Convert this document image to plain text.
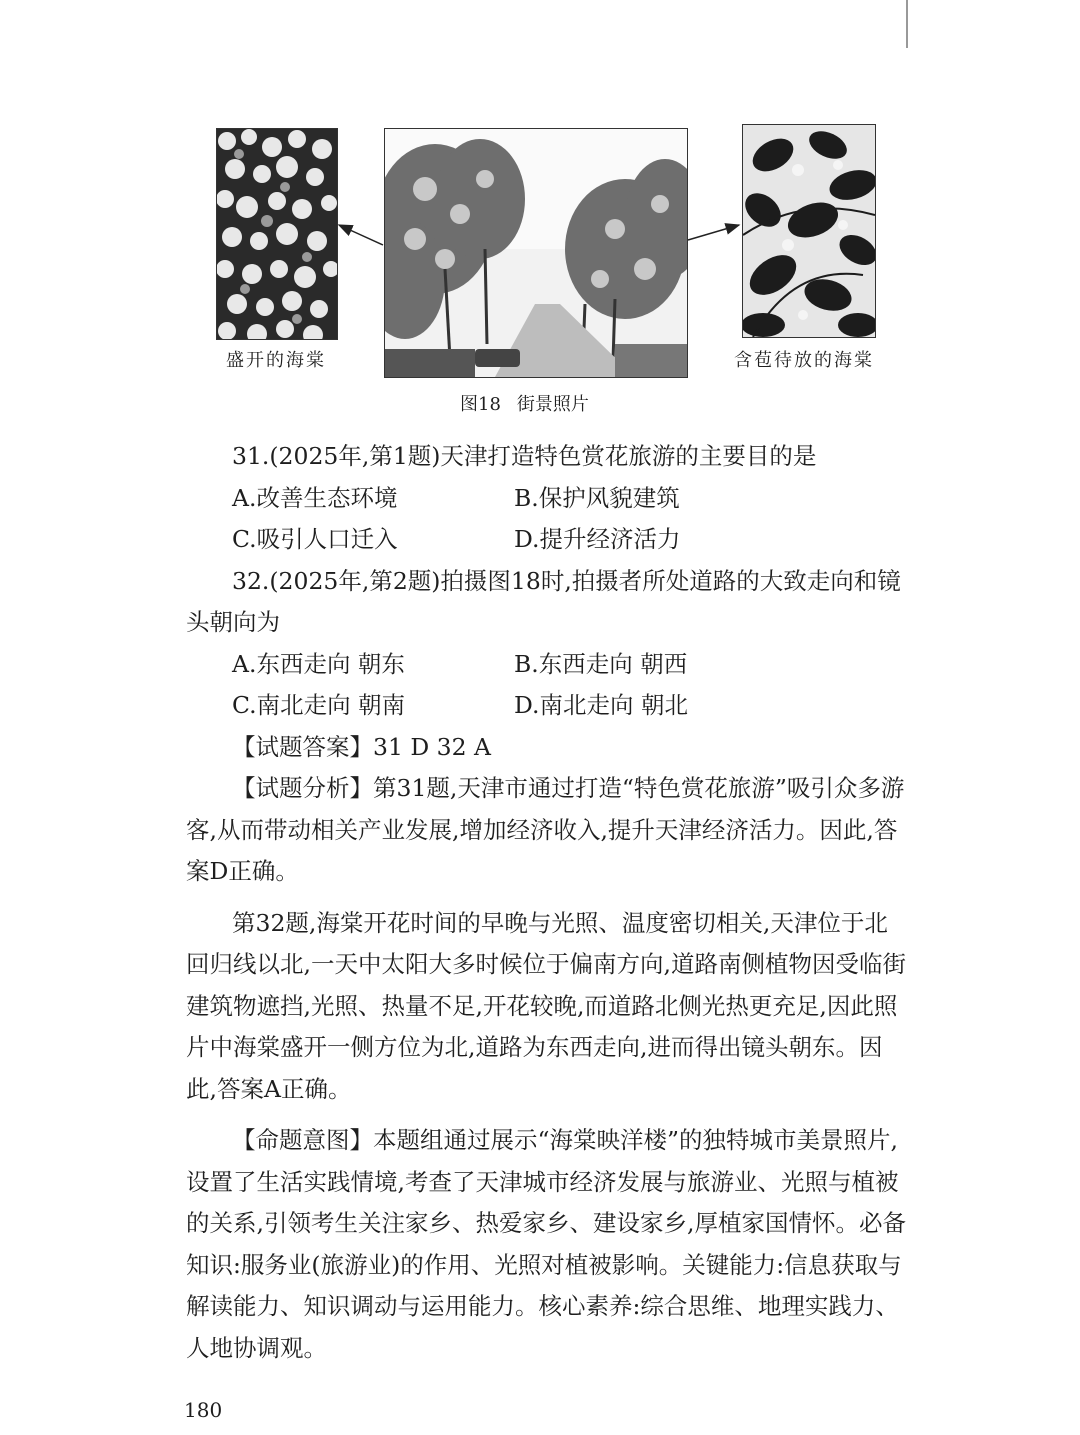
盛开的海棠	含苞待放的海棠
图18 街景照片

31.(2025年,第1题)天津打造特色赏花旅游的主要目的是

A.改善生态环境	B.保护风貌建筑
C.吸引人口迁入	D.提升经济活力

32.(2025年,第2题)拍摄图18时,拍摄者所处道路的大致走向和镜头朝向为

A.东西走向 朝东	B.东西走向 朝西
C.南北走向 朝南	D.南北走向 朝北

【试题答案】31 D 32 A

【试题分析】第31题,天津市通过打造“特色赏花旅游”吸引众多游客,从而带动相关产业发展,增加经济收入,提升天津经济活力。因此,答案D正确。

第32题,海棠开花时间的早晚与光照、温度密切相关,天津位于北回归线以北,一天中太阳大多时候位于偏南方向,道路南侧植物因受临街建筑物遮挡,光照、热量不足,开花较晚,而道路北侧光热更充足,因此照片中海棠盛开一侧方位为北,道路为东西走向,进而得出镜头朝东。因此,答案A正确。

【命题意图】本题组通过展示“海棠映洋楼”的独特城市美景照片,设置了生活实践情境,考查了天津城市经济发展与旅游业、光照与植被的关系,引领考生关注家乡、热爱家乡、建设家乡,厚植家国情怀。必备知识:服务业(旅游业)的作用、光照对植被影响。关键能力:信息获取与解读能力、知识调动与运用能力。核心素养:综合思维、地理实践力、人地协调观。

180
